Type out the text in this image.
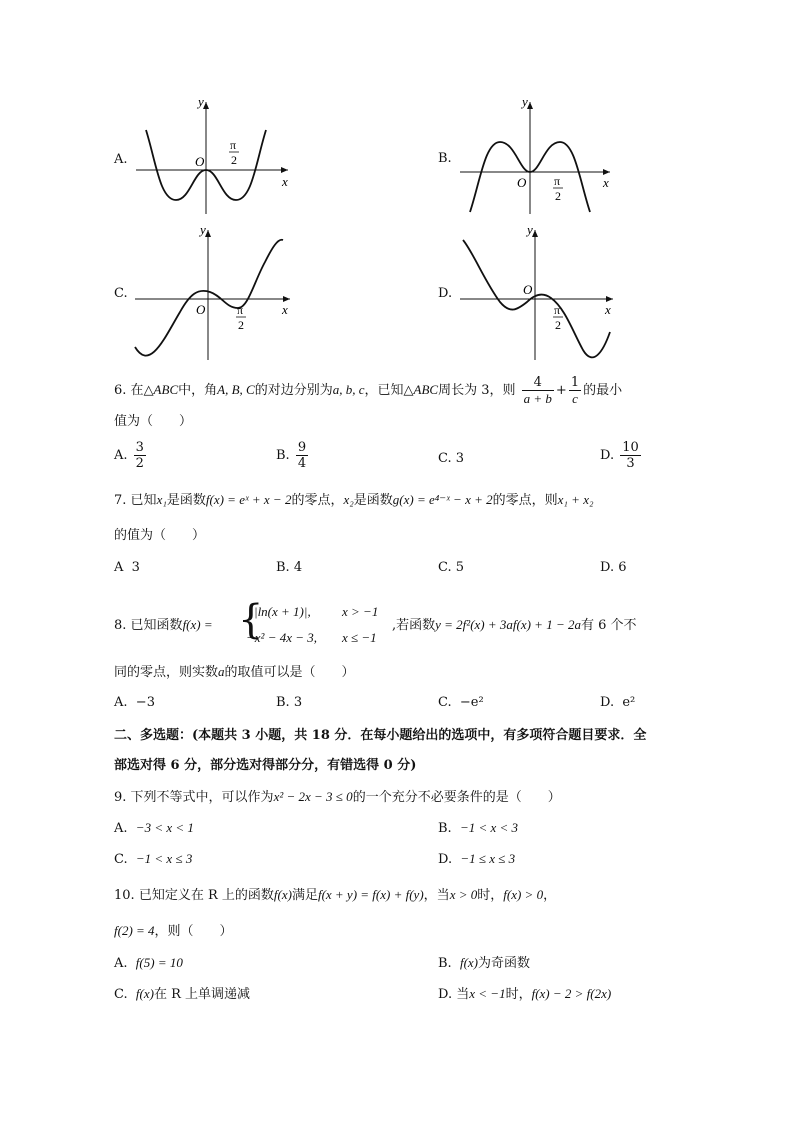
A.	O
x
y
π
2	B.
O	x
y
π
2
C.
O	x
y
π
2
D.	O
x
y
π
2
6. 在△ABC中，角A, B, C的对边分别为a, b, c，已知△ABC周长为 3，则 $\frac{4}{a + b} + \frac{1}{c}$ 的最小
值为（　　）
A. $\frac{3}{2}$	B. $\frac{9}{4}$	C. 3	D. $\frac{10}{3}$
7. 已知x₁是函数f(x) = eˣ + x − 2的零点，x₂是函数g(x) = e⁴⁻ˣ − x + 2的零点，则x₁ + x₂
的值为（　　）
A 3	B. 4	C. 5	D. 6
8. 已知函数f(x) = {
|ln(x + 1)|, x > −1
−x² − 4x − 3, x ≤ −1
,若函数y = 2f²(x) + 3af(x) + 1 − 2a有 6 个不
同的零点，则实数a的取值可以是（　　）
A. −3	B. 3	C. −e²	D. e²
二、多选题：(本题共 3 小题，共 18 分．在每小题给出的选项中，有多项符合题目要求．全
部选对得 6 分，部分选对得部分分，有错选得 0 分)
9. 下列不等式中，可以作为x² − 2x − 3 ≤ 0的一个充分不必要条件的是（　　）
A. −3 < x < 1	B. −1 < x < 3
C. −1 < x ≤ 3	D. −1 ≤ x ≤ 3
10. 已知定义在 R 上的函数f(x)满足f(x + y) = f(x) + f(y)，当x > 0时，f(x) > 0，
f(2) = 4，则（　　）
A. f(5) = 10	B. f(x)为奇函数
C. f(x)在 R 上单调递减	D. 当x < −1时，f(x) − 2 > f(2x)
